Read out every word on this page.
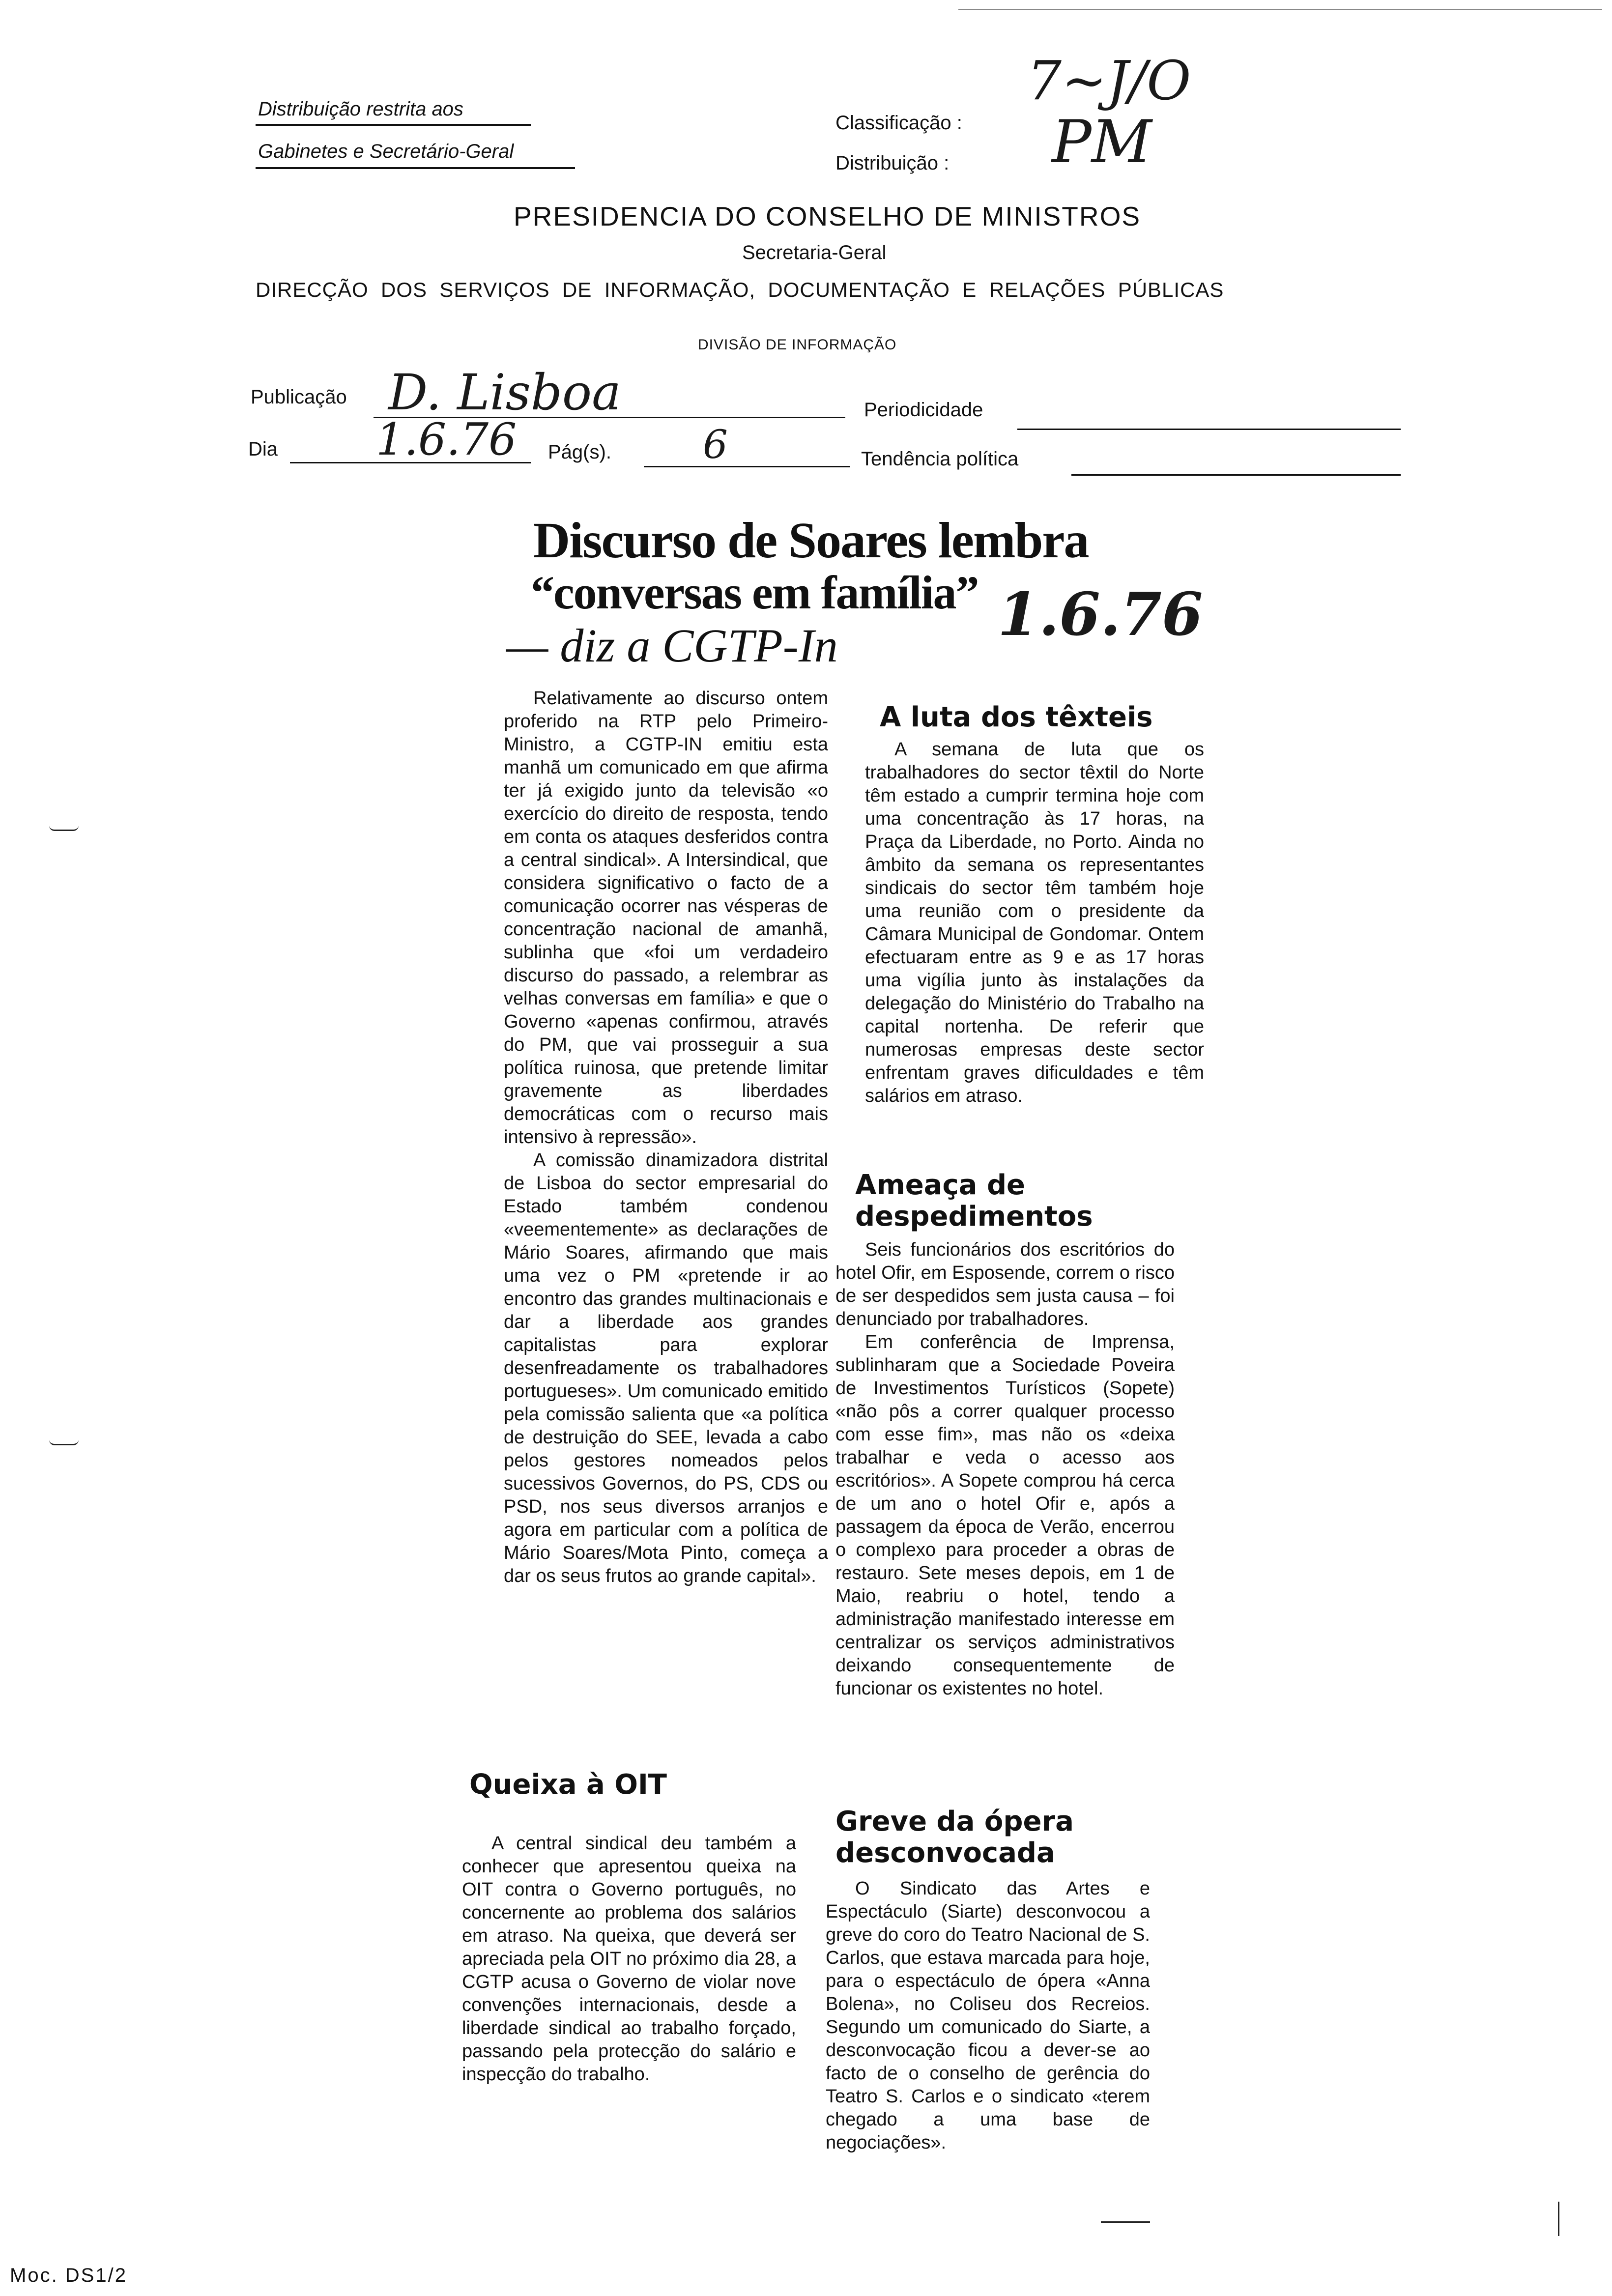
Distribuição restrita aos
Gabinetes e Secretário-Geral
Classificação :
Distribuição :
7~J/O
PM
PRESIDENCIA DO CONSELHO DE MINISTROS
Secretaria-Geral
DIRECÇÃO  DOS  SERVIÇOS  DE  INFORMAÇÃO,  DOCUMENTAÇÃO  E  RELAÇÕES  PÚBLICAS
DIVISÃO DE INFORMAÇÃO
Publicação D. Lisboa	Periodicidade
Dia 1.6.76 Pág(s). 6	Tendência política
Discurso de Soares lembra
“conversas em família”
— diz a CGTP-In	1.6.76

Relativamente ao discurso ontem proferido na RTP pelo Primeiro-Ministro, a CGTP-IN emitiu esta manhã um comunicado em que afirma ter já exigido junto da televisão «o exercício do direito de resposta, tendo em conta os ataques desferidos contra a central sindical». A Intersindical, que considera significativo o facto de a comunicação ocorrer nas vésperas de concentração nacional de amanhã, sublinha que «foi um verdadeiro discurso do passado, a relembrar as velhas conversas em família» e que o Governo «apenas confirmou, através do PM, que vai prosseguir a sua política ruinosa, que pretende limitar gravemente as liberdades democráticas com o recurso mais intensivo à repressão».

A comissão dinamizadora distrital de Lisboa do sector empresarial do Estado também condenou «veementemente» as declarações de Mário Soares, afirmando que mais uma vez o PM «pretende ir ao encontro das grandes multinacionais e dar a liberdade aos grandes capitalistas para explorar desenfreadamente os trabalhadores portugueses». Um comunicado emitido pela comissão salienta que «a política de destruição do SEE, levada a cabo pelos gestores nomeados pelos sucessivos Governos, do PS, CDS ou PSD, nos seus diversos arranjos e agora em particular com a política de Mário Soares/Mota Pinto, começa a dar os seus frutos ao grande capital».

Queixa à OIT

A central sindical deu também a conhecer que apresentou queixa na OIT contra o Governo português, no concernente ao problema dos salários em atraso. Na queixa, que deverá ser apreciada pela OIT no próximo dia 28, a CGTP acusa o Governo de violar nove convenções internacionais, desde a liberdade sindical ao trabalho forçado, passando pela protecção do salário e inspecção do trabalho.

A luta dos têxteis

A semana de luta que os trabalhadores do sector têxtil do Norte têm estado a cumprir termina hoje com uma concentração às 17 horas, na Praça da Liberdade, no Porto. Ainda no âmbito da semana os representantes sindicais do sector têm também hoje uma reunião com o presidente da Câmara Municipal de Gondomar. Ontem efectuaram entre as 9 e as 17 horas uma vigília junto às instalações da delegação do Ministério do Trabalho na capital nortenha. De referir que numerosas empresas deste sector enfrentam graves dificuldades e têm salários em atraso.

Ameaça de despedimentos

Seis funcionários dos escritórios do hotel Ofir, em Esposende, correm o risco de ser despedidos sem justa causa – foi denunciado por trabalhadores.

Em conferência de Imprensa, sublinharam que a Sociedade Poveira de Investimentos Turísticos (Sopete) «não pôs a correr qualquer processo com esse fim», mas não os «deixa trabalhar e veda o acesso aos escritórios». A Sopete comprou há cerca de um ano o hotel Ofir e, após a passagem da época de Verão, encerrou o complexo para proceder a obras de restauro. Sete meses depois, em 1 de Maio, reabriu o hotel, tendo a administração manifestado interesse em centralizar os serviços administrativos deixando consequentemente de funcionar os existentes no hotel.

Greve da ópera desconvocada

O Sindicato das Artes e Espectáculo (Siarte) desconvocou a greve do coro do Teatro Nacional de S. Carlos, que estava marcada para hoje, para o espectáculo de ópera «Anna Bolena», no Coliseu dos Recreios. Segundo um comunicado do Siarte, a desconvocação ficou a dever-se ao facto de o conselho de gerência do Teatro S. Carlos e o sindicato «terem chegado a uma base de negociações».

Moc. DS1/2
